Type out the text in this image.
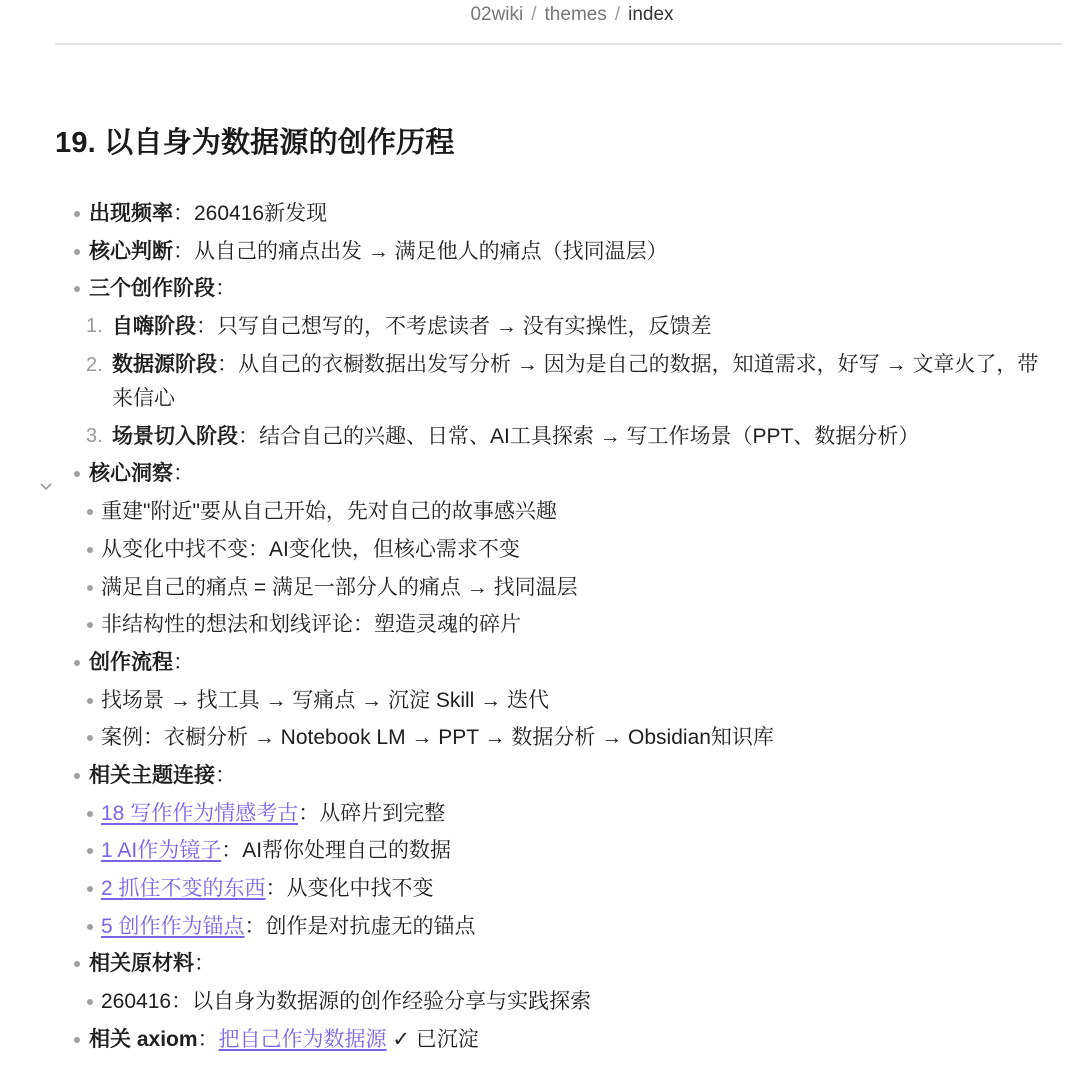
02wiki / themes / index
19. 以自身为数据源的创作历程
出现频率：260416新发现
核心判断：从自己的痛点出发 → 满足他人的痛点（找同温层）
三个创作阶段：
1. 自嗨阶段：只写自己想写的，不考虑读者 → 没有实操性，反馈差
2. 数据源阶段：从自己的衣橱数据出发写分析 → 因为是自己的数据，知道需求，好写 → 文章火了，带来信心
3. 场景切入阶段：结合自己的兴趣、日常、AI工具探索 → 写工作场景（PPT、数据分析）
核心洞察：
重建"附近"要从自己开始，先对自己的故事感兴趣
从变化中找不变：AI变化快，但核心需求不变
满足自己的痛点 = 满足一部分人的痛点 → 找同温层
非结构性的想法和划线评论：塑造灵魂的碎片
创作流程：
找场景 → 找工具 → 写痛点 → 沉淀 Skill → 迭代
案例：衣橱分析 → Notebook LM → PPT → 数据分析 → Obsidian知识库
相关主题连接：
18 写作作为情感考古：从碎片到完整
1 AI作为镜子：AI帮你处理自己的数据
2 抓住不变的东西：从变化中找不变
5 创作作为锚点：创作是对抗虚无的锚点
相关原材料：
260416：以自身为数据源的创作经验分享与实践探索
相关 axiom：把自己作为数据源 ✓ 已沉淀
